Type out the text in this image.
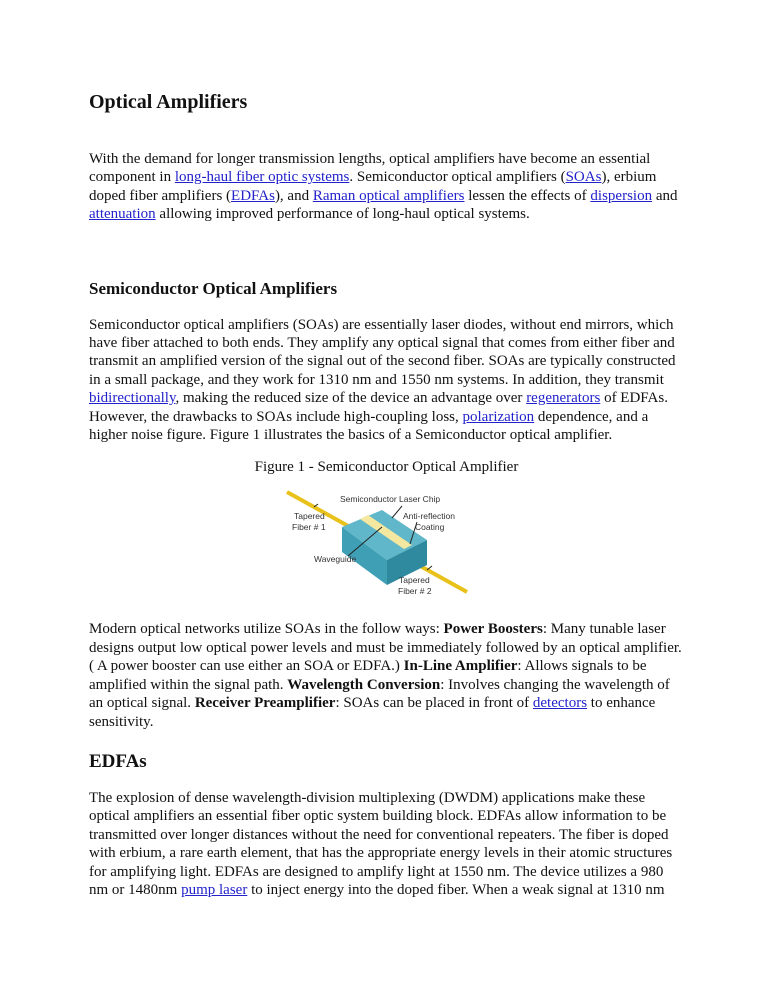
Optical Amplifiers

With the demand for longer transmission lengths, optical amplifiers have become an essential component in long-haul fiber optic systems. Semiconductor optical amplifiers (SOAs), erbium doped fiber amplifiers (EDFAs), and Raman optical amplifiers lessen the effects of dispersion and attenuation allowing improved performance of long-haul optical systems.

Semiconductor Optical Amplifiers

Semiconductor optical amplifiers (SOAs) are essentially laser diodes, without end mirrors, which have fiber attached to both ends. They amplify any optical signal that comes from either fiber and transmit an amplified version of the signal out of the second fiber. SOAs are typically constructed in a small package, and they work for 1310 nm and 1550 nm systems. In addition, they transmit bidirectionally, making the reduced size of the device an advantage over regenerators of EDFAs. However, the drawbacks to SOAs include high-coupling loss, polarization dependence, and a higher noise figure. Figure 1 illustrates the basics of a Semiconductor optical amplifier.

Figure 1 - Semiconductor Optical Amplifier
Semiconductor Laser Chip
Tapered
Fiber # 1
Anti-reflection
Coating
Waveguide
Tapered
Fiber # 2

Modern optical networks utilize SOAs in the follow ways: Power Boosters: Many tunable laser designs output low optical power levels and must be immediately followed by an optical amplifier. ( A power booster can use either an SOA or EDFA.) In-Line Amplifier: Allows signals to be amplified within the signal path. Wavelength Conversion: Involves changing the wavelength of an optical signal. Receiver Preamplifier: SOAs can be placed in front of detectors to enhance sensitivity.

EDFAs

The explosion of dense wavelength-division multiplexing (DWDM) applications make these optical amplifiers an essential fiber optic system building block. EDFAs allow information to be transmitted over longer distances without the need for conventional repeaters. The fiber is doped with erbium, a rare earth element, that has the appropriate energy levels in their atomic structures for amplifying light. EDFAs are designed to amplify light at 1550 nm. The device utilizes a 980 nm or 1480nm pump laser to inject energy into the doped fiber. When a weak signal at 1310 nm
